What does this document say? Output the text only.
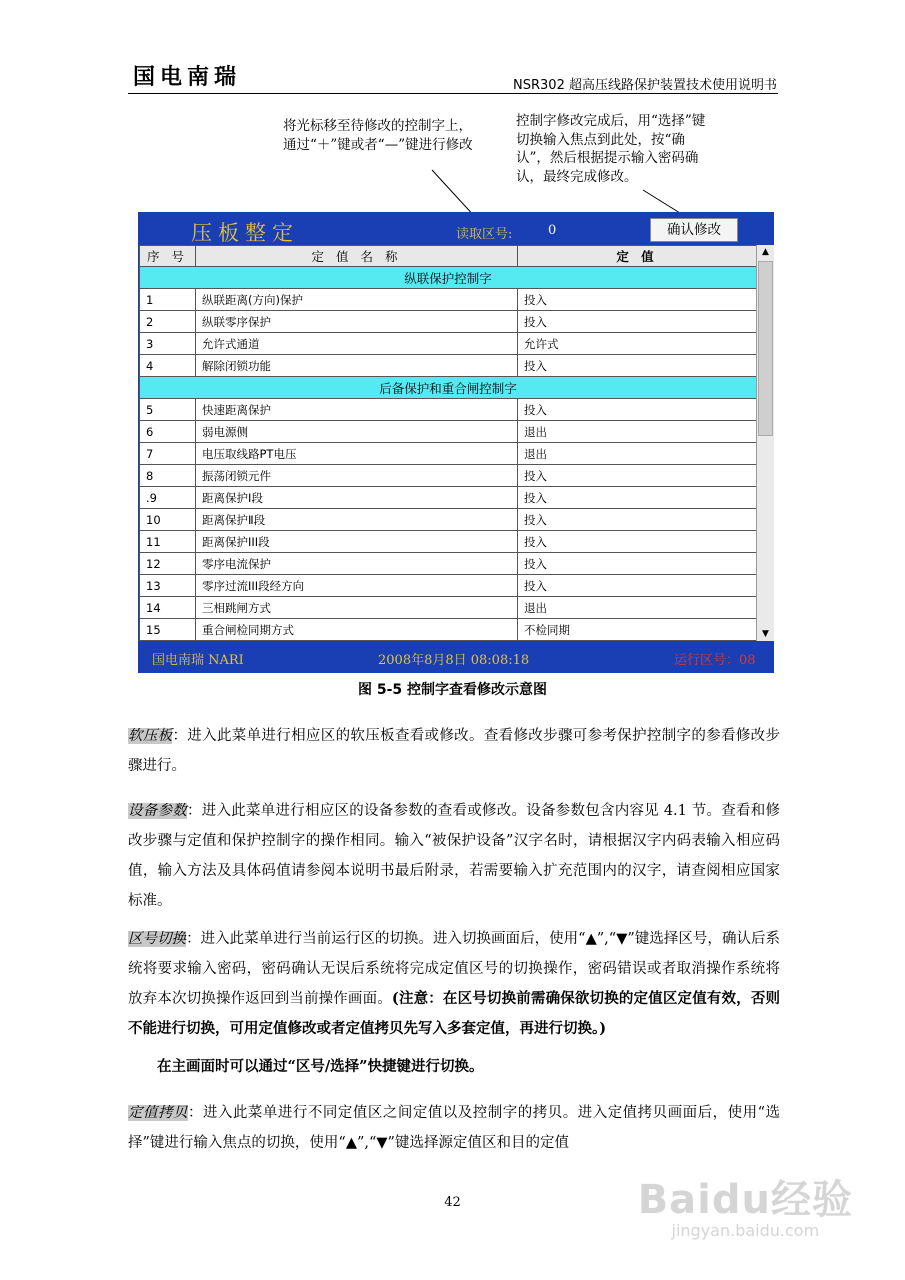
国电南瑞	NSR302 超高压线路保护装置技术使用说明书
将光标移至待修改的控制字上，通过“＋”键或者“—”键进行修改
控制字修改完成后，用“选择”键切换输入焦点到此处，按“确认”，然后根据提示输入密码确认，最终完成修改。
压板整定	读取区号:	0	确认修改
序 号	定 值 名 称	定 值
纵联保护控制字		
1	纵联距离(方向)保护	投入
2	纵联零序保护	投入
3	允许式通道	允许式
4	解除闭锁功能	投入
后备保护和重合闸控制字		
5	快速距离保护	投入
6	弱电源侧	退出
7	电压取线路PT电压	退出
8	振荡闭锁元件	投入
.9	距离保护Ⅰ段	投入
10	距离保护Ⅱ段	投入
11	距离保护III段	投入
12	零序电流保护	投入
13	零序过流III段经方向	投入
14	三相跳闸方式	退出
15	重合闸检同期方式	不检同期
▲
▼
国电南瑞 NARI	2008年8月8日 08:08:18	运行区号：08
图 5-5 控制字查看修改示意图
软压板：进入此菜单进行相应区的软压板查看或修改。查看修改步骤可参考保护控制字的参看修改步骤进行。
设备参数：进入此菜单进行相应区的设备参数的查看或修改。设备参数包含内容见 4.1 节。查看和修改步骤与定值和保护控制字的操作相同。输入“被保护设备”汉字名时，请根据汉字内码表输入相应码值，输入方法及具体码值请参阅本说明书最后附录，若需要输入扩充范围内的汉字，请查阅相应国家标准。
区号切换：进入此菜单进行当前运行区的切换。进入切换画面后，使用“▲”,“▼”键选择区号，确认后系统将要求输入密码，密码确认无误后系统将完成定值区号的切换操作，密码错误或者取消操作系统将放弃本次切换操作返回到当前操作画面。(注意：在区号切换前需确保欲切换的定值区定值有效，否则不能进行切换，可用定值修改或者定值拷贝先写入多套定值，再进行切换。)
在主画面时可以通过“区号/选择”快捷键进行切换。
定值拷贝：进入此菜单进行不同定值区之间定值以及控制字的拷贝。进入定值拷贝画面后，使用“选择”键进行输入焦点的切换，使用“▲”,“▼”键选择源定值区和目的定值
42	Baidu经验
jingyan.baidu.com
